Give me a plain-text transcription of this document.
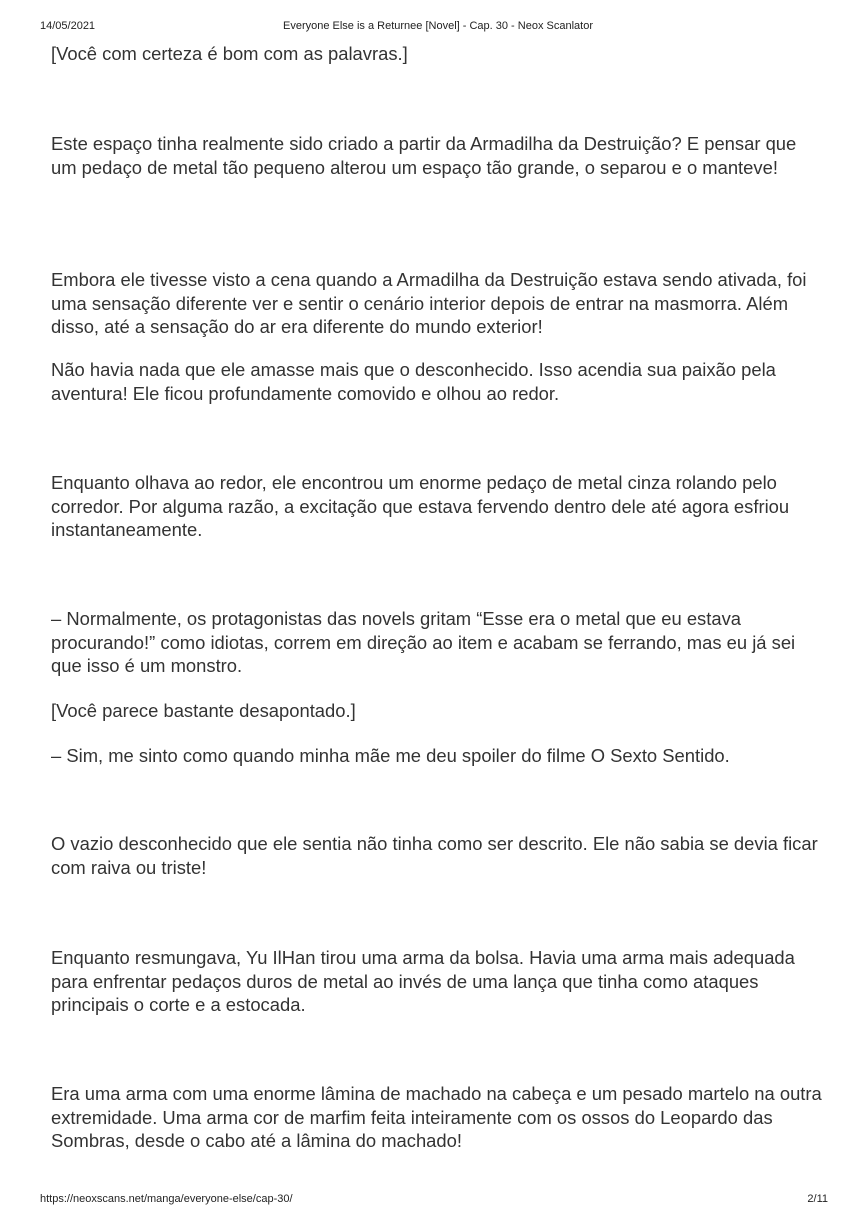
14/05/2021	Everyone Else is a Returnee [Novel] - Cap. 30 - Neox Scanlator

[Você com certeza é bom com as palavras.]

Este espaço tinha realmente sido criado a partir da Armadilha da Destruição? E pensar que um pedaço de metal tão pequeno alterou um espaço tão grande, o separou e o manteve!

Embora ele tivesse visto a cena quando a Armadilha da Destruição estava sendo ativada, foi uma sensação diferente ver e sentir o cenário interior depois de entrar na masmorra. Além disso, até a sensação do ar era diferente do mundo exterior!

Não havia nada que ele amasse mais que o desconhecido. Isso acendia sua paixão pela aventura! Ele ficou profundamente comovido e olhou ao redor.

Enquanto olhava ao redor, ele encontrou um enorme pedaço de metal cinza rolando pelo corredor. Por alguma razão, a excitação que estava fervendo dentro dele até agora esfriou instantaneamente.

– Normalmente, os protagonistas das novels gritam “Esse era o metal que eu estava procurando!” como idiotas, correm em direção ao item e acabam se ferrando, mas eu já sei que isso é um monstro.

[Você parece bastante desapontado.]

– Sim, me sinto como quando minha mãe me deu spoiler do filme O Sexto Sentido.

O vazio desconhecido que ele sentia não tinha como ser descrito. Ele não sabia se devia ficar com raiva ou triste!

Enquanto resmungava, Yu IlHan tirou uma arma da bolsa. Havia uma arma mais adequada para enfrentar pedaços duros de metal ao invés de uma lança que tinha como ataques principais o corte e a estocada.

Era uma arma com uma enorme lâmina de machado na cabeça e um pesado martelo na outra extremidade. Uma arma cor de marfim feita inteiramente com os ossos do Leopardo das Sombras, desde o cabo até a lâmina do machado!

https://neoxscans.net/manga/everyone-else/cap-30/	2/11
